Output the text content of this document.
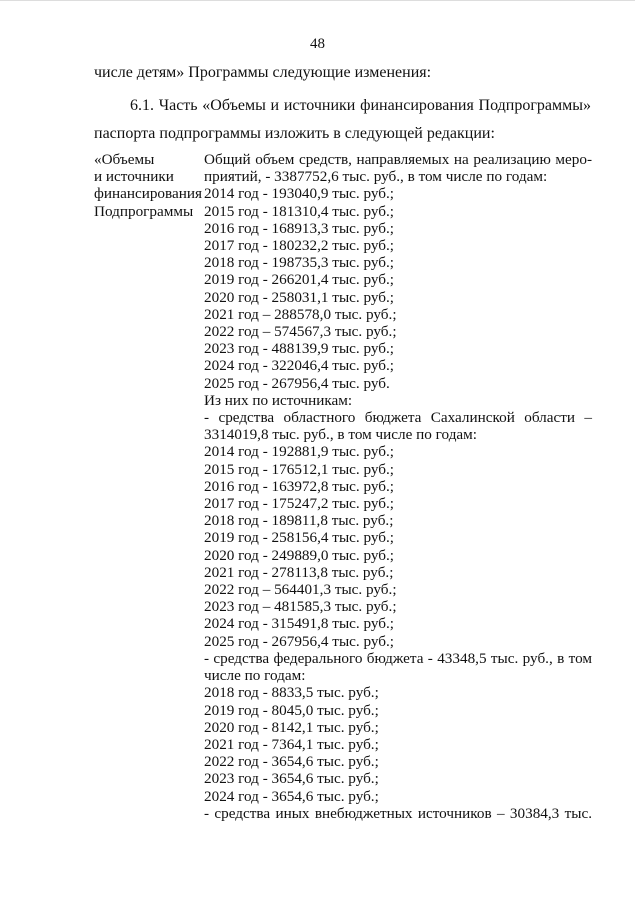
48
числе детям» Программы следующие изменения:

6.1. Часть «Объемы и источники финансирования Подпрограммы» паспорта подпрограммы изложить в следующей редакции:

«Объемы
и источники
финансирования
Подпрограммы
Общий объем средств, направляемых на реализацию меро-
приятий, - 3387752,6 тыс. руб., в том числе по годам:
2014 год - 193040,9 тыс. руб.;
2015 год - 181310,4 тыс. руб.;
2016 год - 168913,3 тыс. руб.;
2017 год - 180232,2 тыс. руб.;
2018 год - 198735,3 тыс. руб.;
2019 год - 266201,4 тыс. руб.;
2020 год - 258031,1 тыс. руб.;
2021 год – 288578,0 тыс. руб.;
2022 год – 574567,3 тыс. руб.;
2023 год - 488139,9 тыс. руб.;
2024 год - 322046,4 тыс. руб.;
2025 год - 267956,4 тыс. руб.
Из них по источникам:
- средства областного бюджета Сахалинской области –
3314019,8 тыс. руб., в том числе по годам:
2014 год - 192881,9 тыс. руб.;
2015 год - 176512,1 тыс. руб.;
2016 год - 163972,8 тыс. руб.;
2017 год - 175247,2 тыс. руб.;
2018 год - 189811,8 тыс. руб.;
2019 год - 258156,4 тыс. руб.;
2020 год - 249889,0 тыс. руб.;
2021 год - 278113,8 тыс. руб.;
2022 год – 564401,3 тыс. руб.;
2023 год – 481585,3 тыс. руб.;
2024 год - 315491,8 тыс. руб.;
2025 год - 267956,4 тыс. руб.;
- средства федерального бюджета - 43348,5 тыс. руб., в том
числе по годам:
2018 год - 8833,5 тыс. руб.;
2019 год - 8045,0 тыс. руб.;
2020 год - 8142,1 тыс. руб.;
2021 год - 7364,1 тыс. руб.;
2022 год - 3654,6 тыс. руб.;
2023 год - 3654,6 тыс. руб.;
2024 год - 3654,6 тыс. руб.;
- средства иных внебюджетных источников – 30384,3 тыс.
